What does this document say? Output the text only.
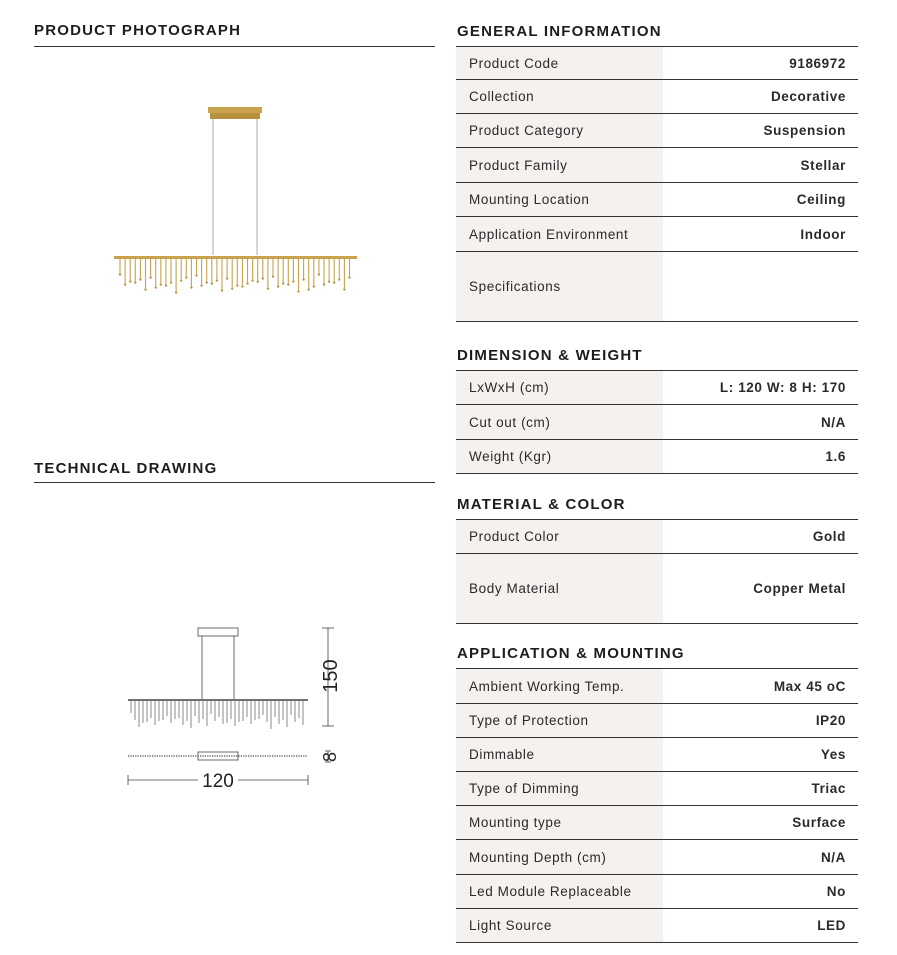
PRODUCT PHOTOGRAPH
TECHNICAL DRAWING
150
8
120
GENERAL INFORMATION
Product Code	9186972
Collection	Decorative
Product Category	Suspension
Product Family	Stellar
Mounting Location	Ceiling
Application Environment	Indoor
Specifications
DIMENSION & WEIGHT
LxWxH (cm)	L: 120 W: 8 H: 170
Cut out (cm)	N/A
Weight (Kgr)	1.6
MATERIAL & COLOR
Product Color	Gold
Body Material	Copper Metal
APPLICATION & MOUNTING
Ambient Working Temp.	Max 45 oC
Type of Protection	IP20
Dimmable	Yes
Type of Dimming	Triac
Mounting type	Surface
Mounting Depth (cm)	N/A
Led Module Replaceable	No
Light Source	LED
